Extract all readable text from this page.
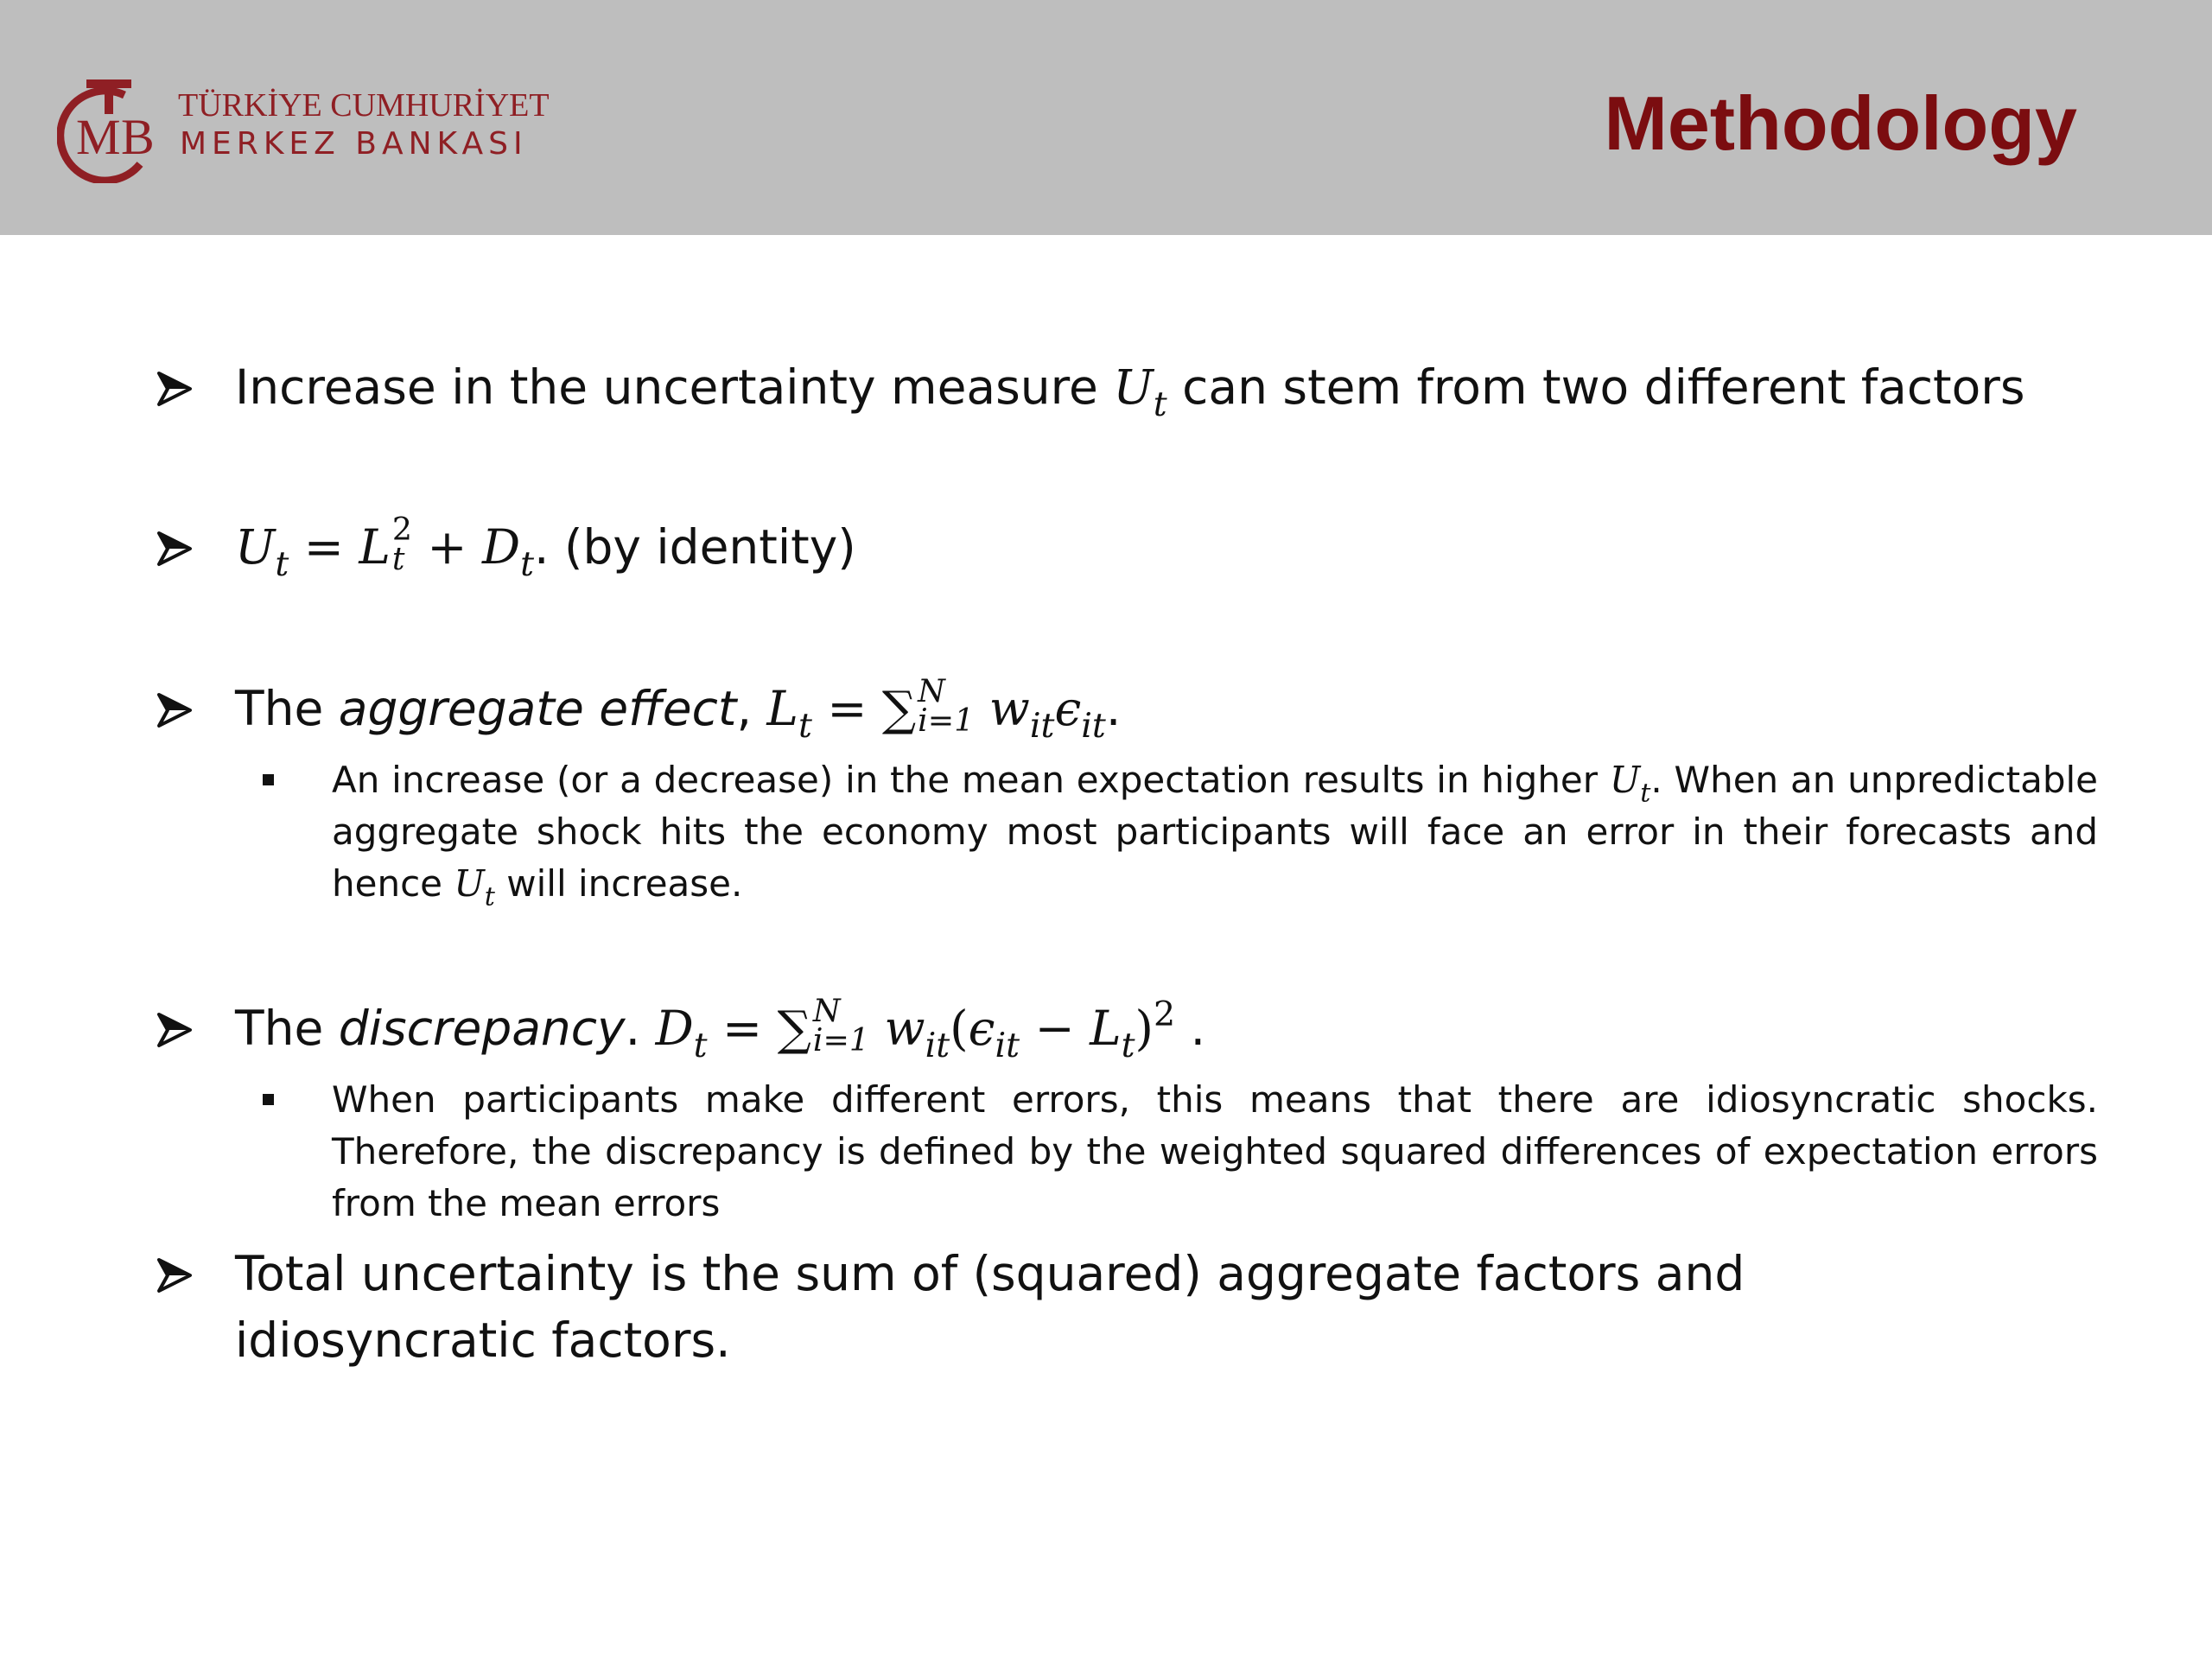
M B
TÜRKİYE CUMHURİYET
MERKEZ BANKASI	Methodology
Increase in the uncertainty measure $U_t$ can stem from two different factors
$U_t = L$ 2
$t + D_t$. (by identity)
The aggregate effect, $L_t$ = ∑ N
i=1 $w_{it}\epsilon_{it}$.
An increase (or a decrease) in the mean expectation results in higher $U_t$. When an unpredictable aggregate shock hits the economy most participants will face an error in their forecasts and hence $U_t$ will increase.
The discrepancy. $D_t$ = ∑ N
i=1 $w_{it}(\epsilon_{it} - L_t)^2$ .
When participants make different errors, this means that there are idiosyncratic shocks. Therefore, the discrepancy is defined by the weighted squared differences of expectation errors from the mean errors
Total uncertainty is the sum of (squared) aggregate factors and idiosyncratic factors.
